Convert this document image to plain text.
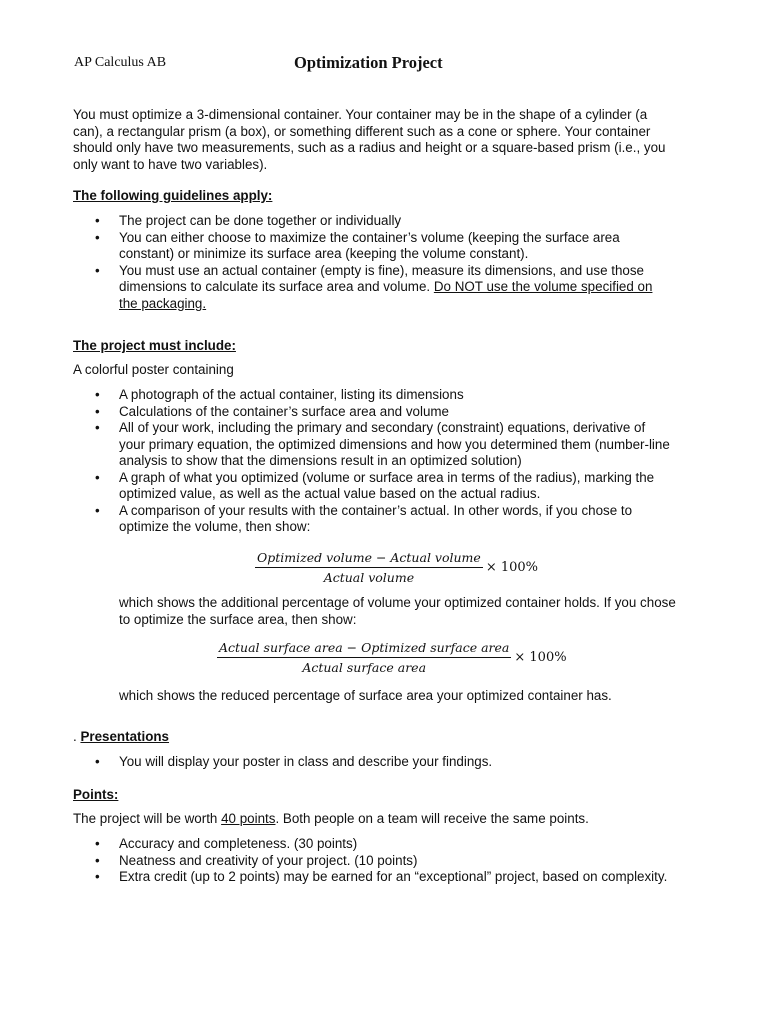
AP Calculus AB	Optimization Project
You must optimize a 3-dimensional container. Your container may be in the shape of a cylinder (a can), a rectangular prism (a box), or something different such as a cone or sphere. Your container should only have two measurements, such as a radius and height or a square-based prism (i.e., you only want to have two variables).
The following guidelines apply:
• The project can be done together or individually
• You can either choose to maximize the container’s volume (keeping the surface area constant) or minimize its surface area (keeping the volume constant).
• You must use an actual container (empty is fine), measure its dimensions, and use those dimensions to calculate its surface area and volume. Do NOT use the volume specified on the packaging.
The project must include:
A colorful poster containing
• A photograph of the actual container, listing its dimensions
• Calculations of the container’s surface area and volume
• All of your work, including the primary and secondary (constraint) equations, derivative of your primary equation, the optimized dimensions and how you determined them (number-line analysis to show that the dimensions result in an optimized solution)
• A graph of what you optimized (volume or surface area in terms of the radius), marking the optimized value, as well as the actual value based on the actual radius.
• A comparison of your results with the container’s actual. In other words, if you chose to optimize the volume, then show:
$\frac{\text{Optimized volume − Actual volume}}{\text{Actual volume}} \times 100\%$
which shows the additional percentage of volume your optimized container holds. If you chose to optimize the surface area, then show:
$\frac{\text{Actual surface area − Optimized surface area}}{\text{Actual surface area}} \times 100\%$
which shows the reduced percentage of surface area your optimized container has.
. Presentations
• You will display your poster in class and describe your findings.
Points:
The project will be worth 40 points. Both people on a team will receive the same points.
• Accuracy and completeness. (30 points)
• Neatness and creativity of your project. (10 points)
• Extra credit (up to 2 points) may be earned for an “exceptional” project, based on complexity.
